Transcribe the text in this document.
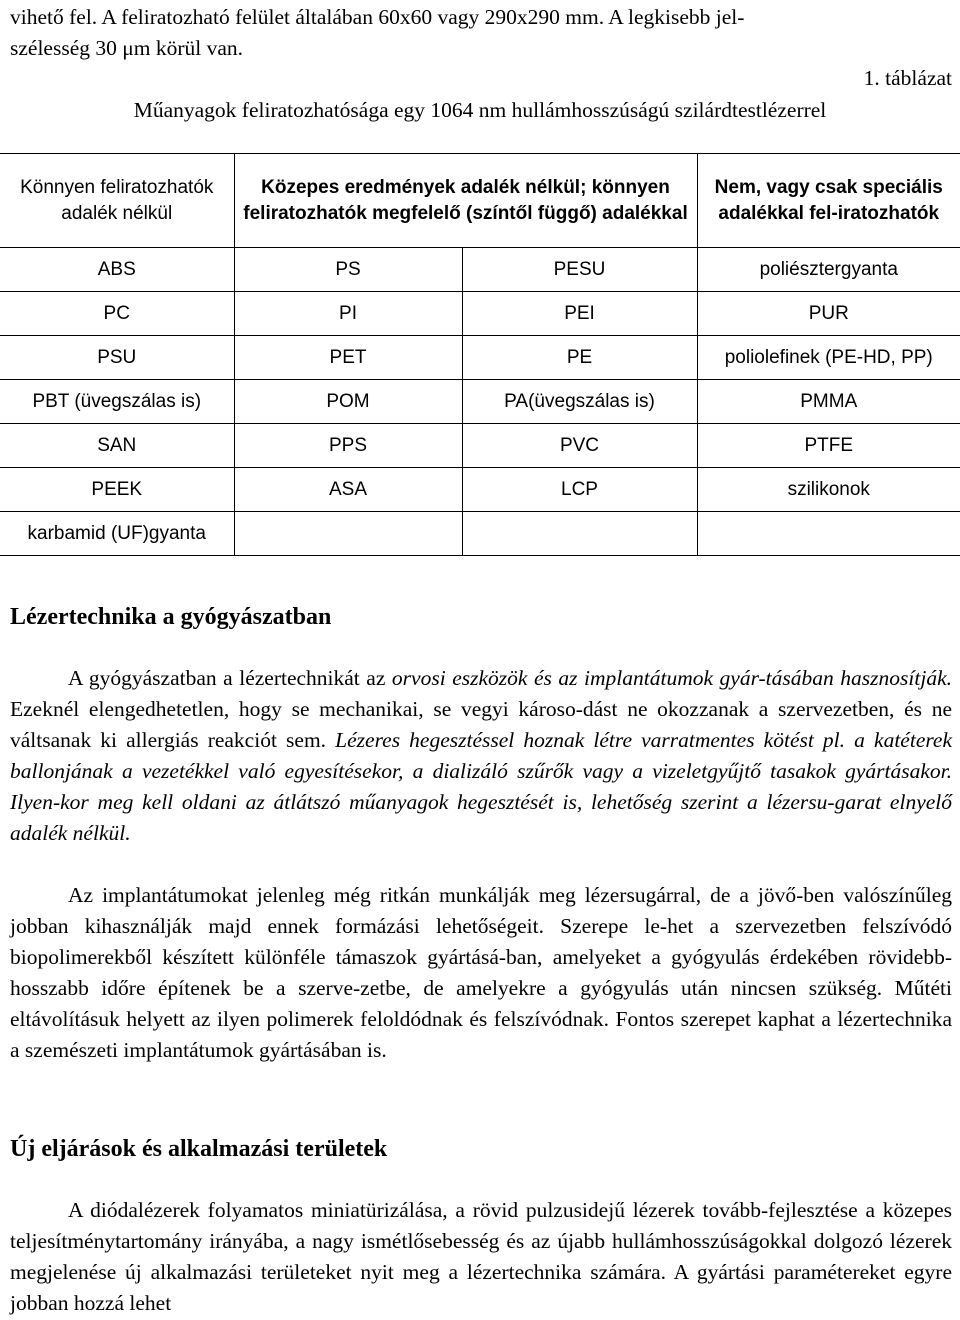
vihető fel. A feliratozható felület általában 60x60 vagy 290x290 mm. A legkisebb jel-
szélesség 30 μm körül van.
1. táblázat
Műanyagok feliratozhatósága egy 1064 nm hullámhosszúságú szilárdtestlézerrel
Könnyen feliratozhatók adalék nélkül	Közepes eredmények adalék nélkül; könnyen feliratozhatók megfelelő (színtől függő) adalékkal		Nem, vagy csak speciális adalékkal fel-iratozhatók
ABS	PS	PESU	poliésztergyanta
PC	PI	PEI	PUR
PSU	PET	PE	poliolefinek (PE-HD, PP)
PBT (üvegszálas is)	POM	PA(üvegszálas is)	PMMA
SAN	PPS	PVC	PTFE
PEEK	ASA	LCP	szilikonok
karbamid (UF)gyanta			
Lézertechnika a gyógyászatban

A gyógyászatban a lézertechnikát az orvosi eszközök és az implantátumok gyár-tásában hasznosítják. Ezeknél elengedhetetlen, hogy se mechanikai, se vegyi károso-dást ne okozzanak a szervezetben, és ne váltsanak ki allergiás reakciót sem. Lézeres hegesztéssel hoznak létre varratmentes kötést pl. a katéterek ballonjának a vezetékkel való egyesítésekor, a dializáló szűrők vagy a vizeletgyűjtő tasakok gyártásakor. Ilyen-kor meg kell oldani az átlátszó műanyagok hegesztését is, lehetőség szerint a lézersu-garat elnyelő adalék nélkül.

Az implantátumokat jelenleg még ritkán munkálják meg lézersugárral, de a jövő-ben valószínűleg jobban kihasználják majd ennek formázási lehetőségeit. Szerepe le-het a szervezetben felszívódó biopolimerekből készített különféle támaszok gyártásá-ban, amelyeket a gyógyulás érdekében rövidebb-hosszabb időre építenek be a szerve-zetbe, de amelyekre a gyógyulás után nincsen szükség. Műtéti eltávolításuk helyett az ilyen polimerek feloldódnak és felszívódnak. Fontos szerepet kaphat a lézertechnika a szemészeti implantátumok gyártásában is.

Új eljárások és alkalmazási területek

A diódalézerek folyamatos miniatürizálása, a rövid pulzusidejű lézerek tovább-fejlesztése a közepes teljesítménytartomány irányába, a nagy ismétlősebesség és az újabb hullámhosszúságokkal dolgozó lézerek megjelenése új alkalmazási területeket nyit meg a lézertechnika számára. A gyártási paramétereket egyre jobban hozzá lehet
